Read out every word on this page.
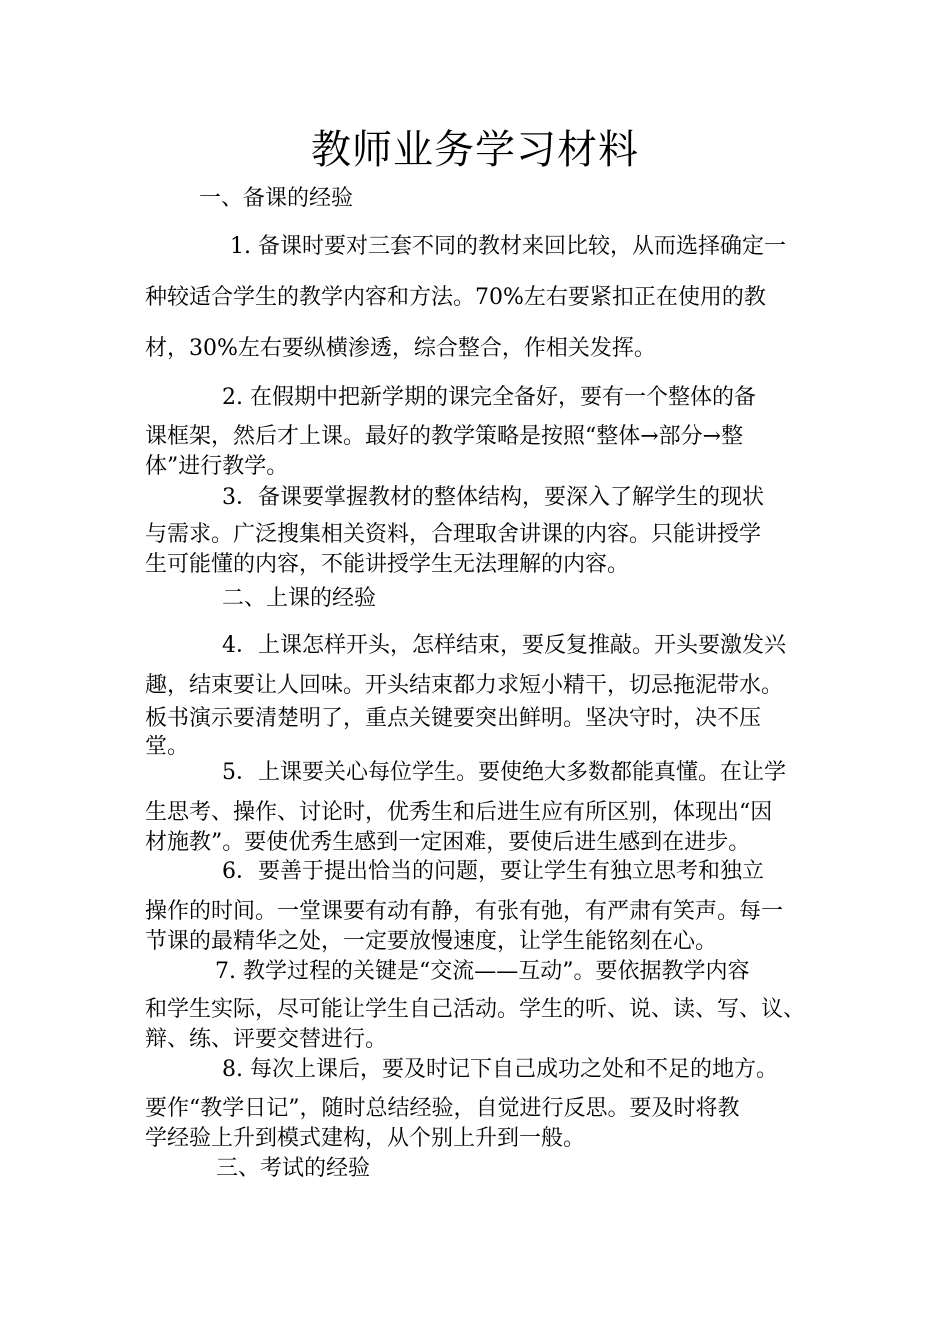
教师业务学习材料
一、备课的经验
1. 备课时要对三套不同的教材来回比较，从而选择确定一
种较适合学生的教学内容和方法。70%左右要紧扣正在使用的教
材，30%左右要纵横渗透，综合整合，作相关发挥。
2. 在假期中把新学期的课完全备好，要有一个整体的备
课框架，然后才上课。最好的教学策略是按照“整体→部分→整
体”进行教学。
3．备课要掌握教材的整体结构，要深入了解学生的现状
与需求。广泛搜集相关资料，合理取舍讲课的内容。只能讲授学
生可能懂的内容，不能讲授学生无法理解的内容。
二、上课的经验
4．上课怎样开头，怎样结束，要反复推敲。开头要激发兴
趣，结束要让人回味。开头结束都力求短小精干，切忌拖泥带水。
板书演示要清楚明了，重点关键要突出鲜明。坚决守时，决不压
堂。
5．上课要关心每位学生。要使绝大多数都能真懂。在让学
生思考、操作、讨论时，优秀生和后进生应有所区别，体现出“因
材施教”。要使优秀生感到一定困难，要使后进生感到在进步。
6．要善于提出恰当的问题，要让学生有独立思考和独立
操作的时间。一堂课要有动有静，有张有弛，有严肃有笑声。每一
节课的最精华之处，一定要放慢速度，让学生能铭刻在心。
7. 教学过程的关键是“交流——互动”。要依据教学内容
和学生实际，尽可能让学生自己活动。学生的听、说、读、写、议、
辩、练、评要交替进行。
8. 每次上课后，要及时记下自己成功之处和不足的地方。
要作“教学日记”，随时总结经验，自觉进行反思。要及时将教
学经验上升到模式建构，从个别上升到一般。
三、考试的经验
